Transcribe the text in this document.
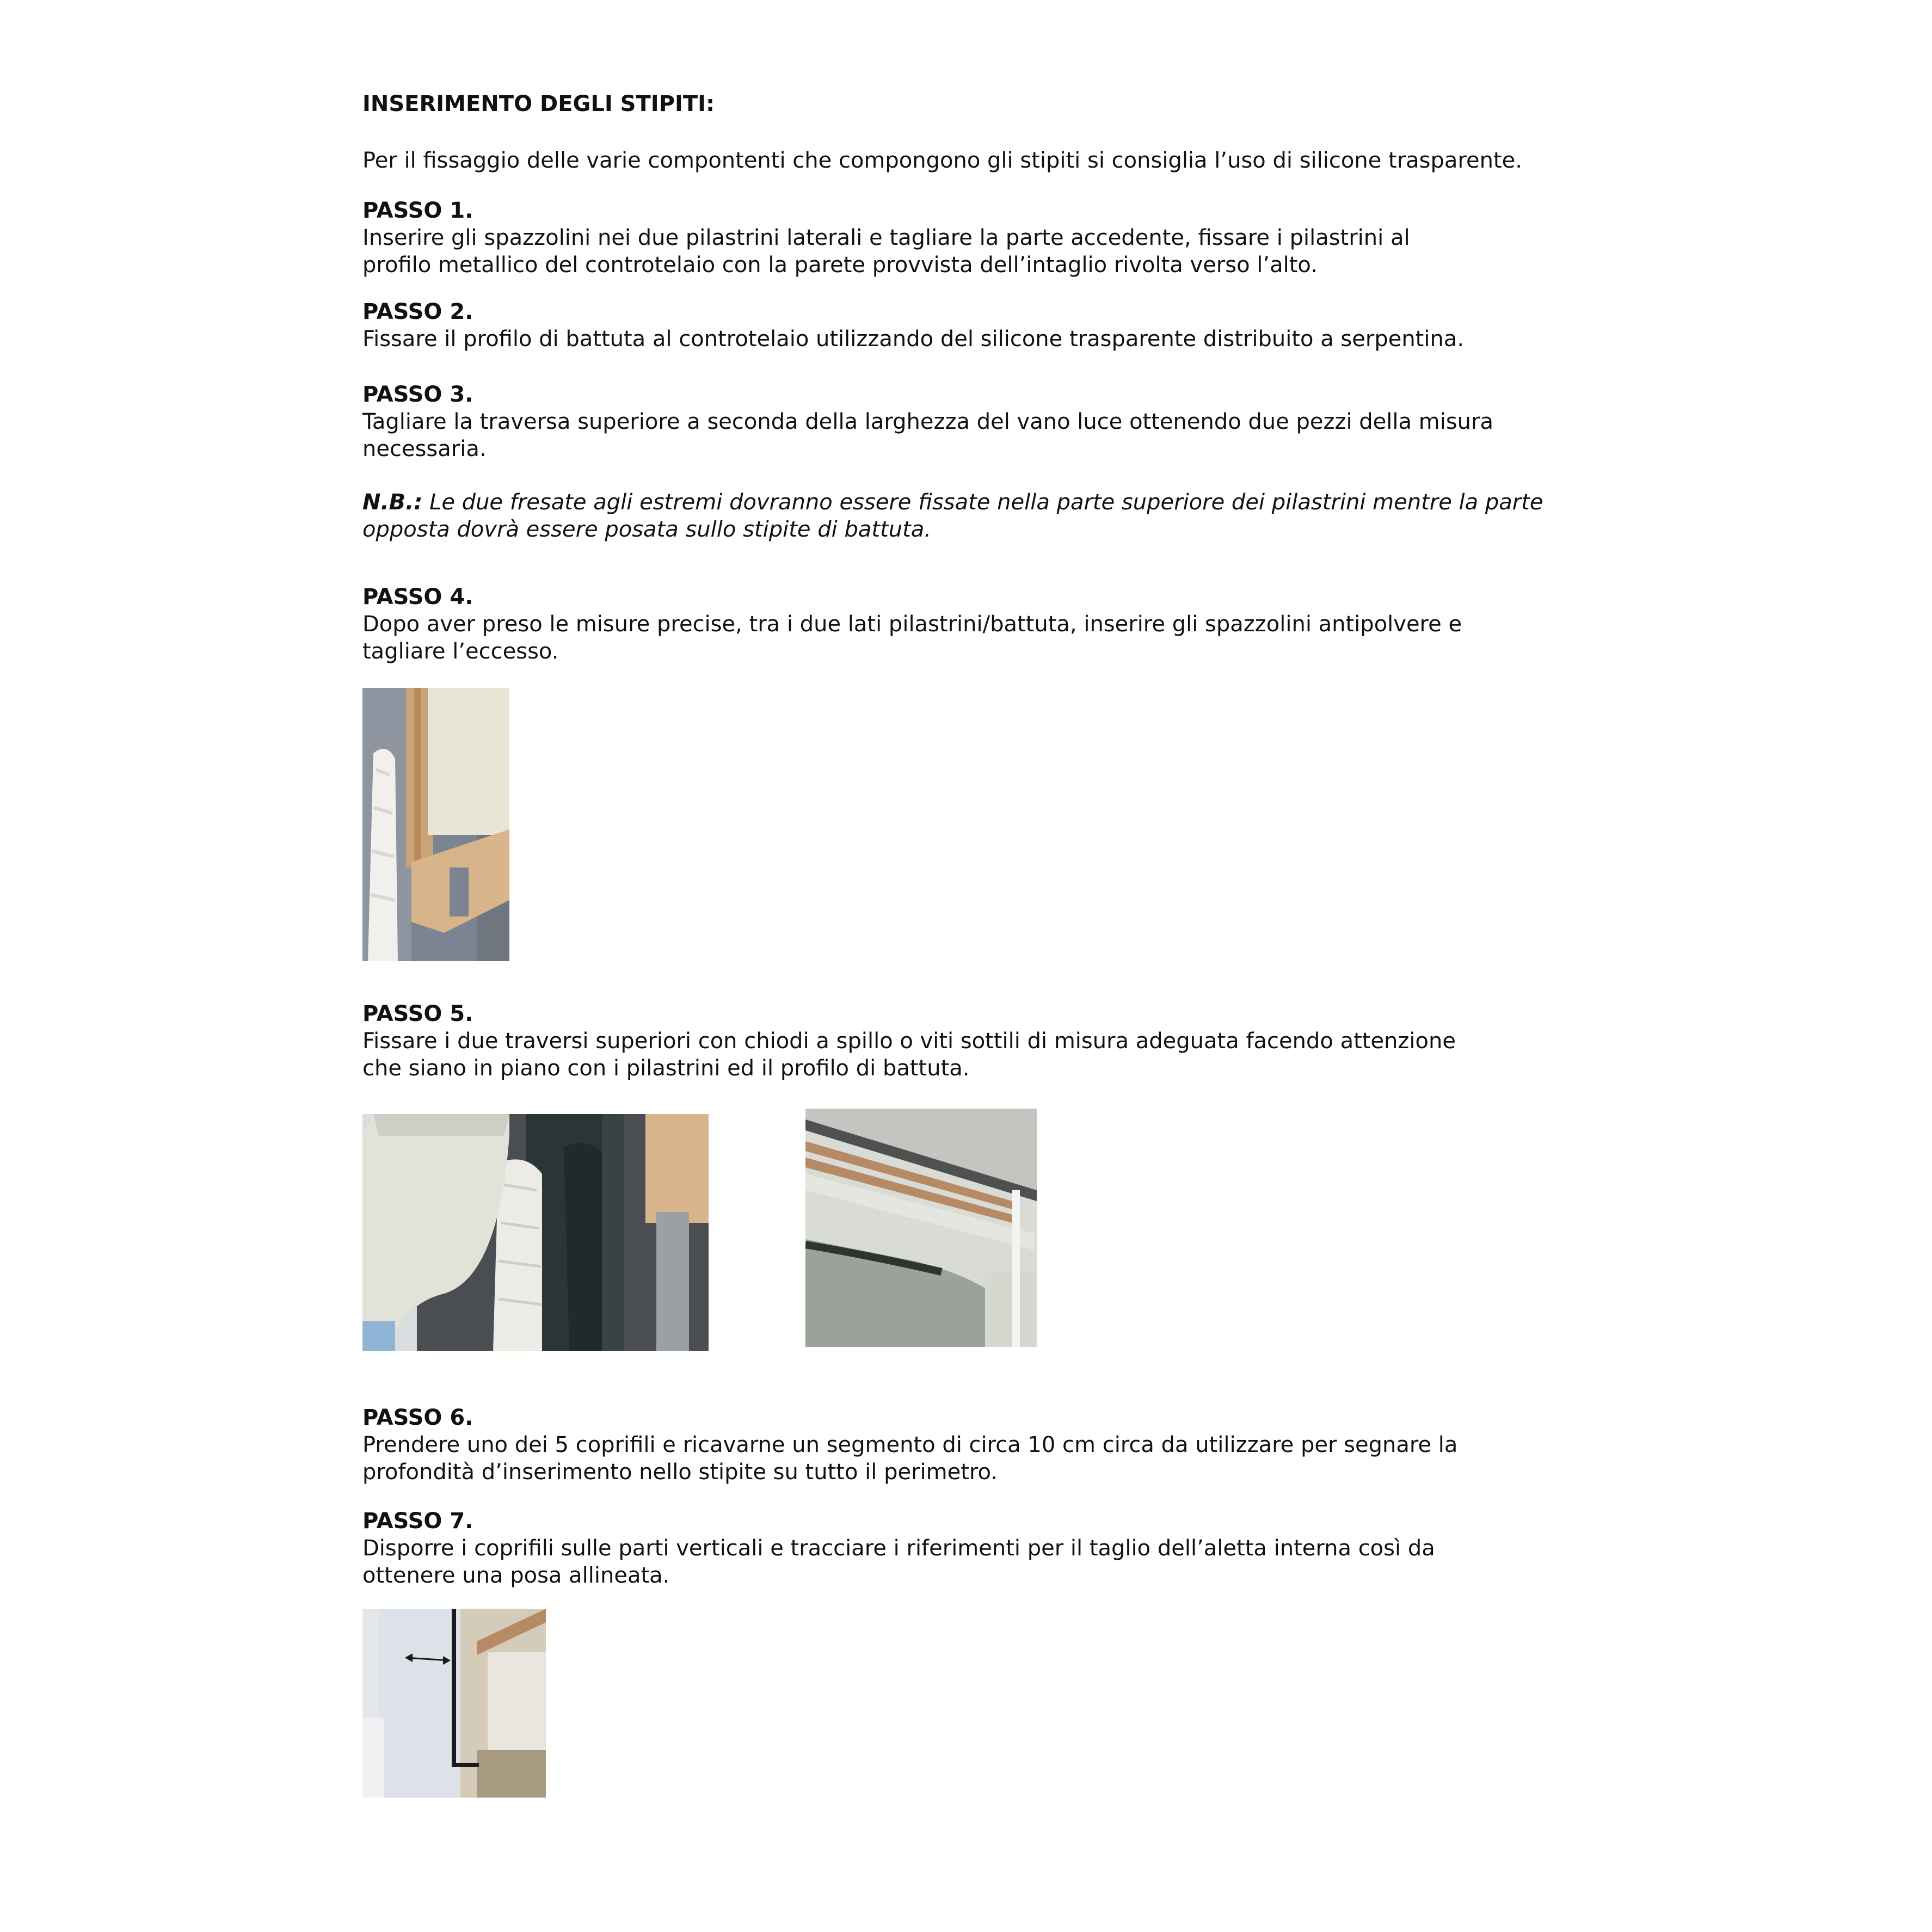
INSERIMENTO DEGLI STIPITI:

Per il fissaggio delle varie compontenti che compongono gli stipiti si consiglia l’uso di silicone trasparente.

PASSO 1.

Inserire gli spazzolini nei due pilastrini laterali e tagliare la parte accedente, fissare i pilastrini al

profilo metallico del controtelaio con la parete provvista dell’intaglio rivolta verso l’alto.

PASSO 2.

Fissare il profilo di battuta al controtelaio utilizzando del silicone trasparente distribuito a serpentina.

PASSO 3.

Tagliare la traversa superiore a seconda della larghezza del vano luce ottenendo due pezzi della misura

necessaria.

N.B.: Le due fresate agli estremi dovranno essere fissate nella parte superiore dei pilastrini mentre la parte

opposta dovrà essere posata sullo stipite di battuta.

PASSO 4.

Dopo aver preso le misure precise, tra i due lati pilastrini/battuta, inserire gli spazzolini antipolvere e

tagliare l’eccesso.

PASSO 5.

Fissare i due traversi superiori con chiodi a spillo o viti sottili di misura adeguata facendo attenzione

che siano in piano con i pilastrini ed il profilo di battuta.

PASSO 6.

Prendere uno dei 5 coprifili e ricavarne un segmento di circa 10 cm circa da utilizzare per segnare la

profondità d’inserimento nello stipite su tutto il perimetro.

PASSO 7.

Disporre i coprifili sulle parti verticali e tracciare i riferimenti per il taglio dell’aletta interna così da

ottenere una posa allineata.
